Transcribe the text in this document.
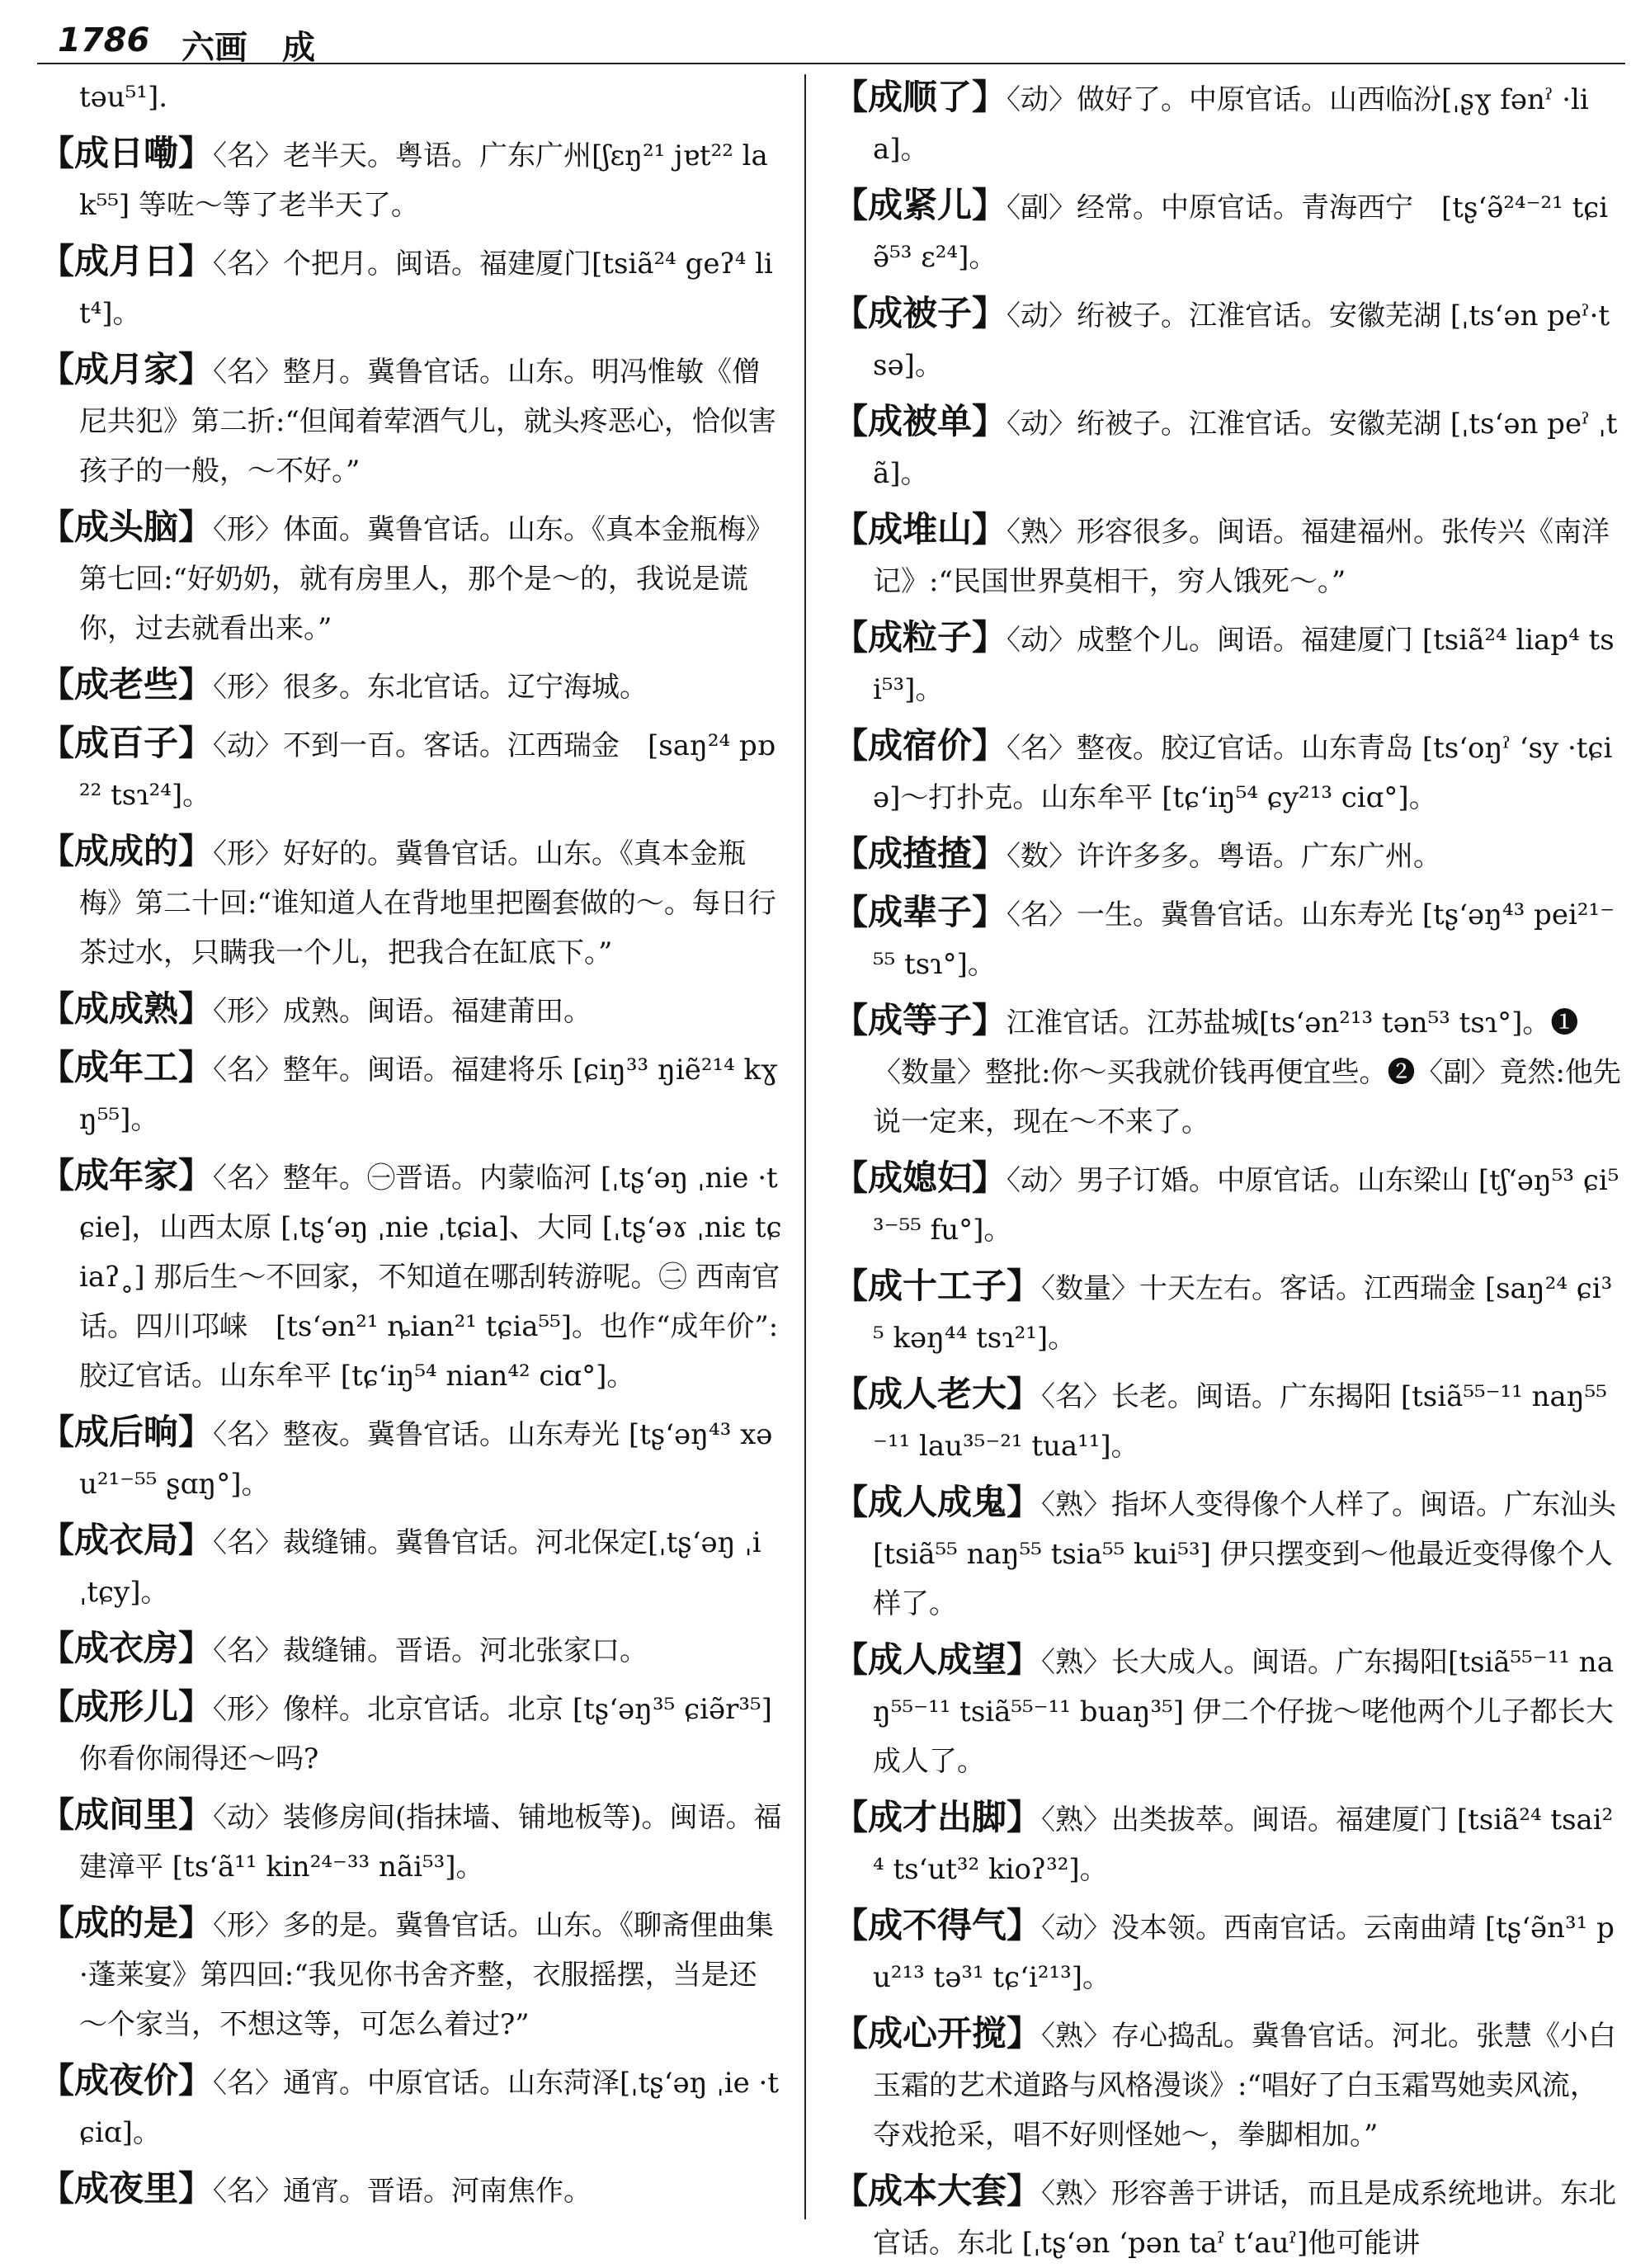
1786 六画 成

təu⁵¹].

【成日嘞】〈名〉老半天。粤语。广东广州[ʃɛŋ²¹ jɐt²² lak⁵⁵] 等咗～等了老半天了。

【成月日】〈名〉个把月。闽语。福建厦门[tsiã²⁴ geʔ⁴ lit⁴]。

【成月家】〈名〉整月。冀鲁官话。山东。明冯惟敏《僧尼共犯》第二折:“但闻着荤酒气儿，就头疼恶心，恰似害孩子的一般，～不好。”

【成头脑】〈形〉体面。冀鲁官话。山东。《真本金瓶梅》第七回:“好奶奶，就有房里人，那个是～的，我说是谎你，过去就看出来。”

【成老些】〈形〉很多。东北官话。辽宁海城。

【成百子】〈动〉不到一百。客话。江西瑞金　[saŋ²⁴ pɒ²² tsɿ²⁴]。

【成成的】〈形〉好好的。冀鲁官话。山东。《真本金瓶梅》第二十回:“谁知道人在背地里把圈套做的～。每日行茶过水，只瞒我一个儿，把我合在缸底下。”

【成成熟】〈形〉成熟。闽语。福建莆田。

【成年工】〈名〉整年。闽语。福建将乐 [ɕiŋ³³ ŋiẽ²¹⁴ kɣŋ⁵⁵]。

【成年家】〈名〉整年。㊀晋语。内蒙临河 [ˌtʂʻəŋ ˌnie ·tɕie]，山西太原 [ˌtʂʻəŋ ˌnie ˌtɕia]、大同 [ˌtʂʻəɤ ˌniɛ tɕiaʔ˳] 那后生～不回家，不知道在哪刮转游呢。㊁ 西南官话。四川邛崃　[tsʻən²¹ ȵian²¹ tɕia⁵⁵]。也作“成年价”:胶辽官话。山东牟平 [tɕʻiŋ⁵⁴ nian⁴² ciɑ°]。

【成后晌】〈名〉整夜。冀鲁官话。山东寿光 [tʂʻəŋ⁴³ xəu²¹⁻⁵⁵ ʂɑŋ°]。

【成衣局】〈名〉裁缝铺。冀鲁官话。河北保定[ˌtʂʻəŋ ˌi ˌtɕy]。

【成衣房】〈名〉裁缝铺。晋语。河北张家口。

【成形儿】〈形〉像样。北京官话。北京 [tʂʻəŋ³⁵ ɕiə̃r³⁵] 你看你闹得还～吗?

【成间里】〈动〉装修房间(指抹墙、铺地板等)。闽语。福建漳平 [tsʻã¹¹ kin²⁴⁻³³ nãi⁵³]。

【成的是】〈形〉多的是。冀鲁官话。山东。《聊斋俚曲集·蓬莱宴》第四回:“我见你书舍齐整，衣服摇摆，当是还～个家当，不想这等，可怎么着过?”

【成夜价】〈名〉通宵。中原官话。山东菏泽[ˌtʂʻəŋ ˌie ·tɕiɑ]。

【成夜里】〈名〉通宵。晋语。河南焦作。

【成顺了】〈动〉做好了。中原官话。山西临汾[ˌʂɣ fənˀ ·lia]。

【成紧儿】〈副〉经常。中原官话。青海西宁　[tʂʻə̃²⁴⁻²¹ tɕiə̃⁵³ ɛ²⁴]。

【成被子】〈动〉绗被子。江淮官话。安徽芜湖 [ˌtsʻən peˀ·tsə]。

【成被单】〈动〉绗被子。江淮官话。安徽芜湖 [ˌtsʻən peˀ ˌtã]。

【成堆山】〈熟〉形容很多。闽语。福建福州。张传兴《南洋记》:“民国世界莫相干，穷人饿死～。”

【成粒子】〈动〉成整个儿。闽语。福建厦门 [tsiã²⁴ liap⁴ tsi⁵³]。

【成宿价】〈名〉整夜。胶辽官话。山东青岛 [tsʻoŋˀ ʻsy ·tɕiə]～打扑克。山东牟平 [tɕʻiŋ⁵⁴ ɕy²¹³ ciɑ°]。

【成揸揸】〈数〉许许多多。粤语。广东广州。

【成辈子】〈名〉一生。冀鲁官话。山东寿光 [tʂʻəŋ⁴³ pei²¹⁻⁵⁵ tsɿ°]。

【成等子】江淮官话。江苏盐城[tsʻən²¹³ tən⁵³ tsɿ°]。❶〈数量〉整批:你～买我就价钱再便宜些。❷〈副〉竟然:他先说一定来，现在～不来了。

【成媳妇】〈动〉男子订婚。中原官话。山东梁山 [tʃʻəŋ⁵³ ɕi⁵³⁻⁵⁵ fu°]。

【成十工子】〈数量〉十天左右。客话。江西瑞金 [saŋ²⁴ ɕi³⁵ kəŋ⁴⁴ tsɿ²¹]。

【成人老大】〈名〉长老。闽语。广东揭阳 [tsiã⁵⁵⁻¹¹ naŋ⁵⁵⁻¹¹ lau³⁵⁻²¹ tua¹¹]。

【成人成鬼】〈熟〉指坏人变得像个人样了。闽语。广东汕头 [tsiã⁵⁵ naŋ⁵⁵ tsia⁵⁵ kui⁵³] 伊只摆变到～他最近变得像个人样了。

【成人成望】〈熟〉长大成人。闽语。广东揭阳[tsiã⁵⁵⁻¹¹ naŋ⁵⁵⁻¹¹ tsiã⁵⁵⁻¹¹ buaŋ³⁵] 伊二个仔拢～咾他两个儿子都长大成人了。

【成才出脚】〈熟〉出类拔萃。闽语。福建厦门 [tsiã²⁴ tsai²⁴ tsʻut³² kioʔ³²]。

【成不得气】〈动〉没本领。西南官话。云南曲靖 [tʂʻə̃n³¹ pu²¹³ tə³¹ tɕʻi²¹³]。

【成心开搅】〈熟〉存心捣乱。冀鲁官话。河北。张慧《小白玉霜的艺术道路与风格漫谈》:“唱好了白玉霜骂她卖风流，夺戏抢采，唱不好则怪她～，拳脚相加。”

【成本大套】〈熟〉形容善于讲话，而且是成系统地讲。东北官话。东北 [ˌtʂʻən ʻpən taˀ tʻauˀ]他可能讲
